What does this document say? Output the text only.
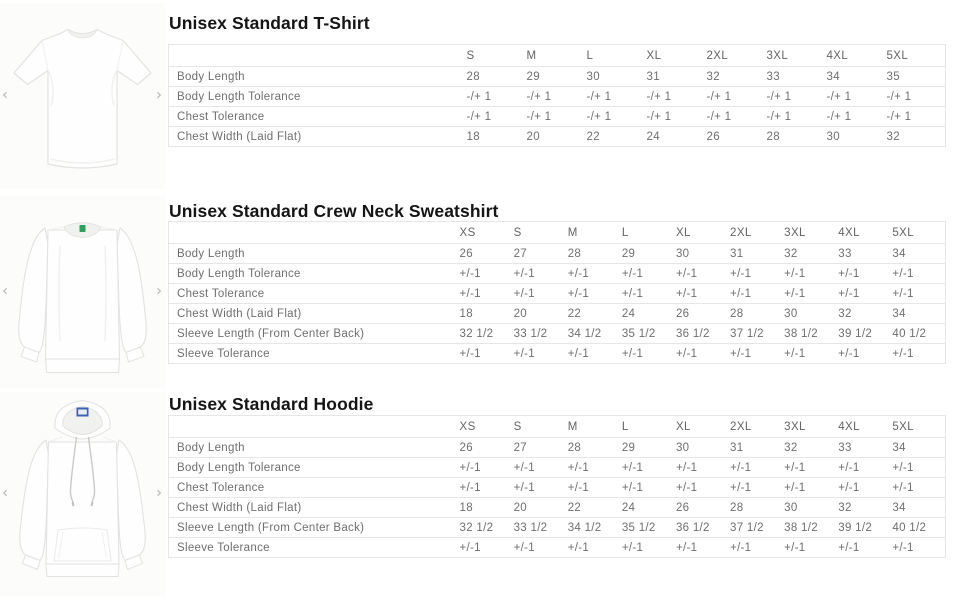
‹	›
‹	›
‹	›
Unisex Standard T-Shirt
Unisex Standard Crew Neck Sweatshirt
Unisex Standard Hoodie
	S	M	L	XL	2XL	3XL	4XL	5XL
Body Length	28	29	30	31	32	33	34	35
Body Length Tolerance	-/+ 1	-/+ 1	-/+ 1	-/+ 1	-/+ 1	-/+ 1	-/+ 1	-/+ 1
Chest Tolerance	-/+ 1	-/+ 1	-/+ 1	-/+ 1	-/+ 1	-/+ 1	-/+ 1	-/+ 1
Chest Width (Laid Flat)	18	20	22	24	26	28	30	32
	XS	S	M	L	XL	2XL	3XL	4XL	5XL
Body Length	26	27	28	29	30	31	32	33	34
Body Length Tolerance	+/-1	+/-1	+/-1	+/-1	+/-1	+/-1	+/-1	+/-1	+/-1
Chest Tolerance	+/-1	+/-1	+/-1	+/-1	+/-1	+/-1	+/-1	+/-1	+/-1
Chest Width (Laid Flat)	18	20	22	24	26	28	30	32	34
Sleeve Length (From Center Back)	32 1/2	33 1/2	34 1/2	35 1/2	36 1/2	37 1/2	38 1/2	39 1/2	40 1/2
Sleeve Tolerance	+/-1	+/-1	+/-1	+/-1	+/-1	+/-1	+/-1	+/-1	+/-1
	XS	S	M	L	XL	2XL	3XL	4XL	5XL
Body Length	26	27	28	29	30	31	32	33	34
Body Length Tolerance	+/-1	+/-1	+/-1	+/-1	+/-1	+/-1	+/-1	+/-1	+/-1
Chest Tolerance	+/-1	+/-1	+/-1	+/-1	+/-1	+/-1	+/-1	+/-1	+/-1
Chest Width (Laid Flat)	18	20	22	24	26	28	30	32	34
Sleeve Length (From Center Back)	32 1/2	33 1/2	34 1/2	35 1/2	36 1/2	37 1/2	38 1/2	39 1/2	40 1/2
Sleeve Tolerance	+/-1	+/-1	+/-1	+/-1	+/-1	+/-1	+/-1	+/-1	+/-1
